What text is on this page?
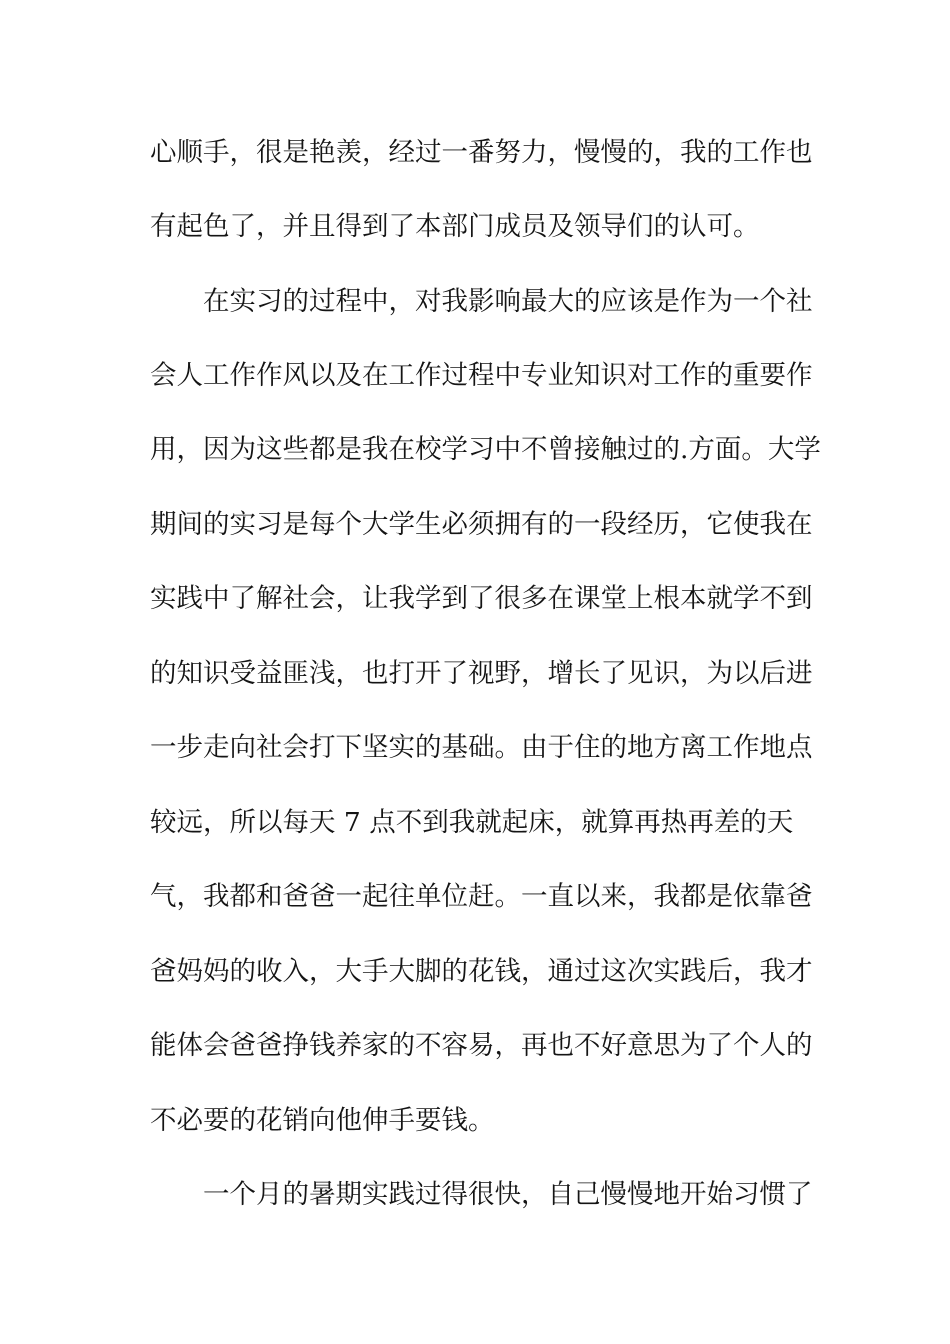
心顺手，很是艳羡，经过一番努力，慢慢的，我的工作也
有起色了，并且得到了本部门成员及领导们的认可。
在实习的过程中，对我影响最大的应该是作为一个社
会人工作作风以及在工作过程中专业知识对工作的重要作
用，因为这些都是我在校学习中不曾接触过的.方面。大学
期间的实习是每个大学生必须拥有的一段经历，它使我在
实践中了解社会，让我学到了很多在课堂上根本就学不到
的知识受益匪浅，也打开了视野，增长了见识，为以后进
一步走向社会打下坚实的基础。由于住的地方离工作地点
较远，所以每天 7 点不到我就起床，就算再热再差的天
气，我都和爸爸一起往单位赶。一直以来，我都是依靠爸
爸妈妈的收入，大手大脚的花钱，通过这次实践后，我才
能体会爸爸挣钱养家的不容易，再也不好意思为了个人的
不必要的花销向他伸手要钱。
一个月的暑期实践过得很快，自己慢慢地开始习惯了
